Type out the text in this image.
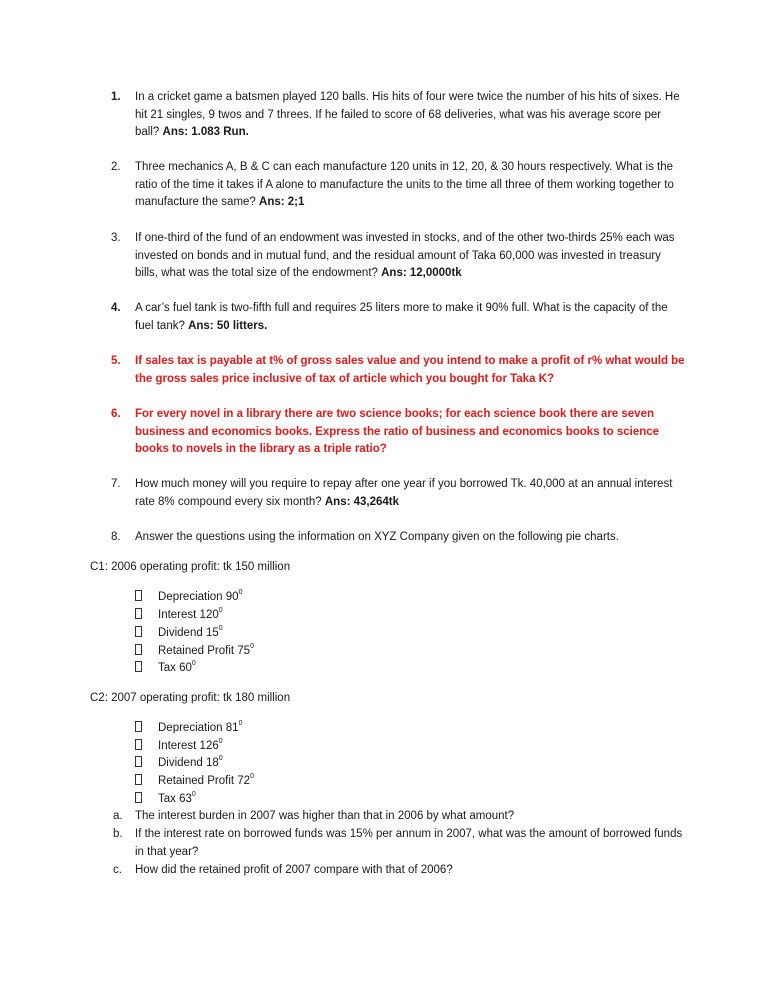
1. In a cricket game a batsmen played 120 balls. His hits of four were twice the number of his hits of sixes. He hit 21 singles, 9 twos and 7 threes. If he failed to score of 68 deliveries, what was his average score per ball? Ans: 1.083 Run.
2. Three mechanics A, B & C can each manufacture 120 units in 12, 20, & 30 hours respectively. What is the ratio of the time it takes if A alone to manufacture the units to the time all three of them working together to manufacture the same? Ans: 2;1
3. If one-third of the fund of an endowment was invested in stocks, and of the other two-thirds 25% each was invested on bonds and in mutual fund, and the residual amount of Taka 60,000 was invested in treasury bills, what was the total size of the endowment? Ans: 12,0000tk
4. A car’s fuel tank is two-fifth full and requires 25 liters more to make it 90% full. What is the capacity of the fuel tank? Ans: 50 litters.
5. If sales tax is payable at t% of gross sales value and you intend to make a profit of r% what would be the gross sales price inclusive of tax of article which you bought for Taka K?
6. For every novel in a library there are two science books; for each science book there are seven business and economics books. Express the ratio of business and economics books to science books to novels in the library as a triple ratio?
7. How much money will you require to repay after one year if you borrowed Tk. 40,000 at an annual interest rate 8% compound every six month? Ans: 43,264tk
8. Answer the questions using the information on XYZ Company given on the following pie charts.
C1: 2006 operating profit: tk 150 million
Depreciation $90^0$
Interest $120^0$
Dividend $15^0$
Retained Profit $75^0$
Tax $60^0$
C2: 2007 operating profit: tk 180 million
Depreciation $81^0$
Interest $126^0$
Dividend $18^0$
Retained Profit $72^0$
Tax $63^0$
a. The interest burden in 2007 was higher than that in 2006 by what amount?
b. If the interest rate on borrowed funds was 15% per annum in 2007, what was the amount of borrowed funds in that year?
c. How did the retained profit of 2007 compare with that of 2006?
